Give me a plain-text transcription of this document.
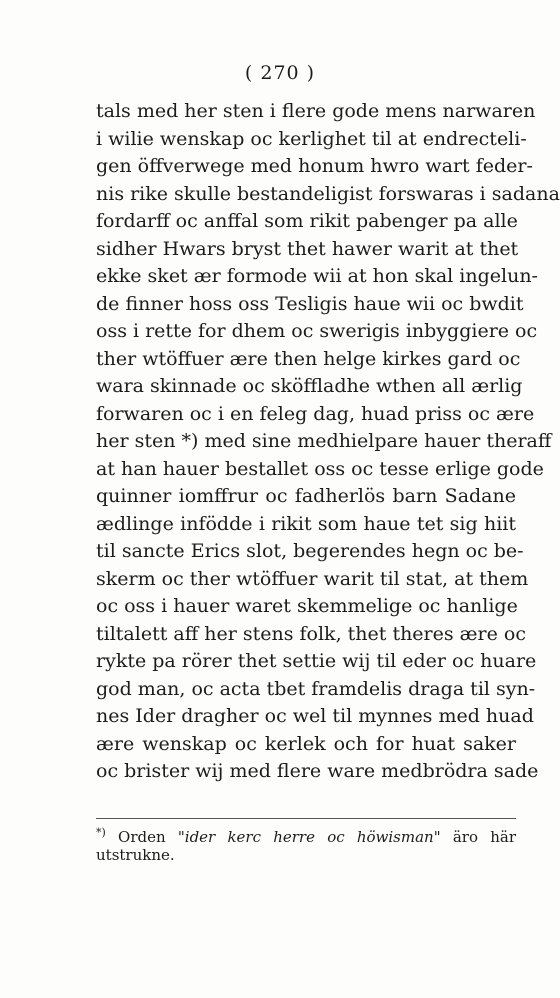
( 270 )
tals med her sten i flere gode mens narwaren
i wilie wenskap oc kerlighet til at endrecteli-
gen öffverwege med honum hwro wart feder-
nis rike skulle bestandeligist forswaras i sadana
fordarff oc anffal som rikit pabenger pa alle
sidher Hwars bryst thet hawer warit at thet
ekke sket ær formode wii at hon skal ingelun-
de finner hoss oss Tesligis haue wii oc bwdit
oss i rette for dhem oc swerigis inbyggiere oc
ther wtöffuer ære then helge kirkes gard oc
wara skinnade oc sköffladhe wthen all ærlig
forwaren oc i en feleg dag, huad priss oc ære
her sten *) med sine medhielpare hauer theraff
at han hauer bestallet oss oc tesse erlige gode
quinner iomffrur oc fadherlös barn Sadane
ædlinge infödde i rikit som haue tet sig hiit
til sancte Erics slot, begerendes hegn oc be-
skerm oc ther wtöffuer warit til stat, at them
oc oss i hauer waret skemmelige oc hanlige
tiltalett aff her stens folk, thet theres ære oc
rykte pa rörer thet settie wij til eder oc huare
god man, oc acta tbet framdelis draga til syn-
nes Ider dragher oc wel til mynnes med huad
ære wenskap oc kerlek och for huat saker
oc brister wij med flere ware medbrödra sade
*) Orden "ider kerc herre oc höwisman" äro här
utstrukne.
